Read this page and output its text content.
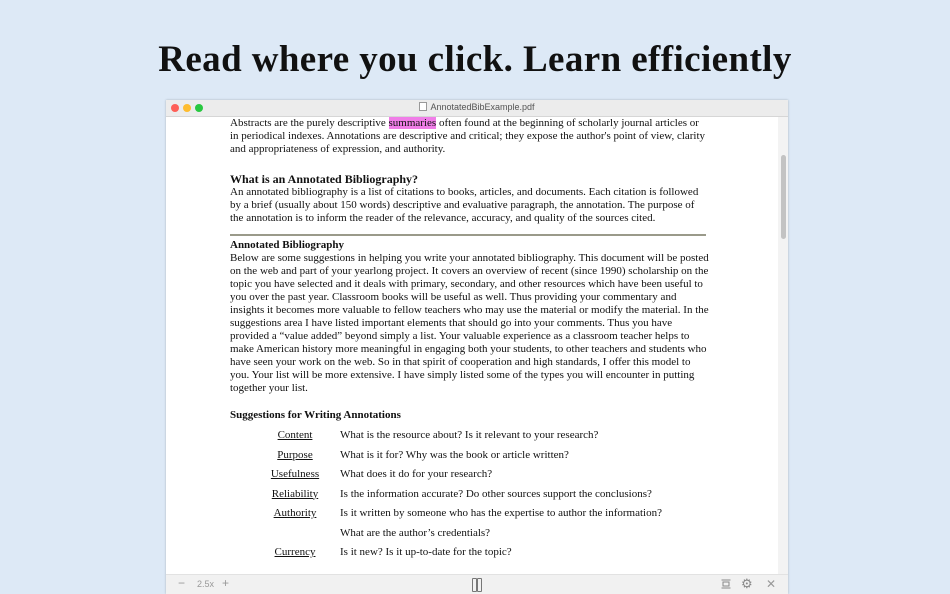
Read where you click. Learn efficiently
AnnotatedBibExample.pdf

Abstracts are the purely descriptive summaries often found at the beginning of scholarly journal articles or in periodical indexes. Annotations are descriptive and critical; they expose the author's point of view, clarity and appropriateness of expression, and authority.

What is an Annotated Bibliography?

An annotated bibliography is a list of citations to books, articles, and documents. Each citation is followed by a brief (usually about 150 words) descriptive and evaluative paragraph, the annotation. The purpose of the annotation is to inform the reader of the relevance, accuracy, and quality of the sources cited.

Annotated Bibliography

Below are some suggestions in helping you write your annotated bibliography. This document will be posted on the web and part of your yearlong project. It covers an overview of recent (since 1990) scholarship on the topic you have selected and it deals with primary, secondary, and other resources which have been useful to you over the past year. Classroom books will be useful as well. Thus providing your commentary and insights it becomes more valuable to fellow teachers who may use the material or modify the material. In the suggestions area I have listed important elements that should go into your comments. Thus you have provided a “value added” beyond simply a list. Your valuable experience as a classroom teacher helps to make American history more meaningful in engaging both your students, to other teachers and students who have seen your work on the web. So in that spirit of cooperation and high standards, I offer this model to you. Your list will be more extensive. I have simply listed some of the types you will encounter in putting together your list.

Suggestions for Writing Annotations

Content	What is the resource about? Is it relevant to your research?
Purpose	What is it for? Why was the book or article written?
Usefulness	What does it do for your research?
Reliability	Is the information accurate? Do other sources support the conclusions?
Authority	Is it written by someone who has the expertise to author the information?
What are the author’s credentials?
Currency	Is it new? Is it up-to-date for the topic?
− 2.5x +	⚙ ✕
